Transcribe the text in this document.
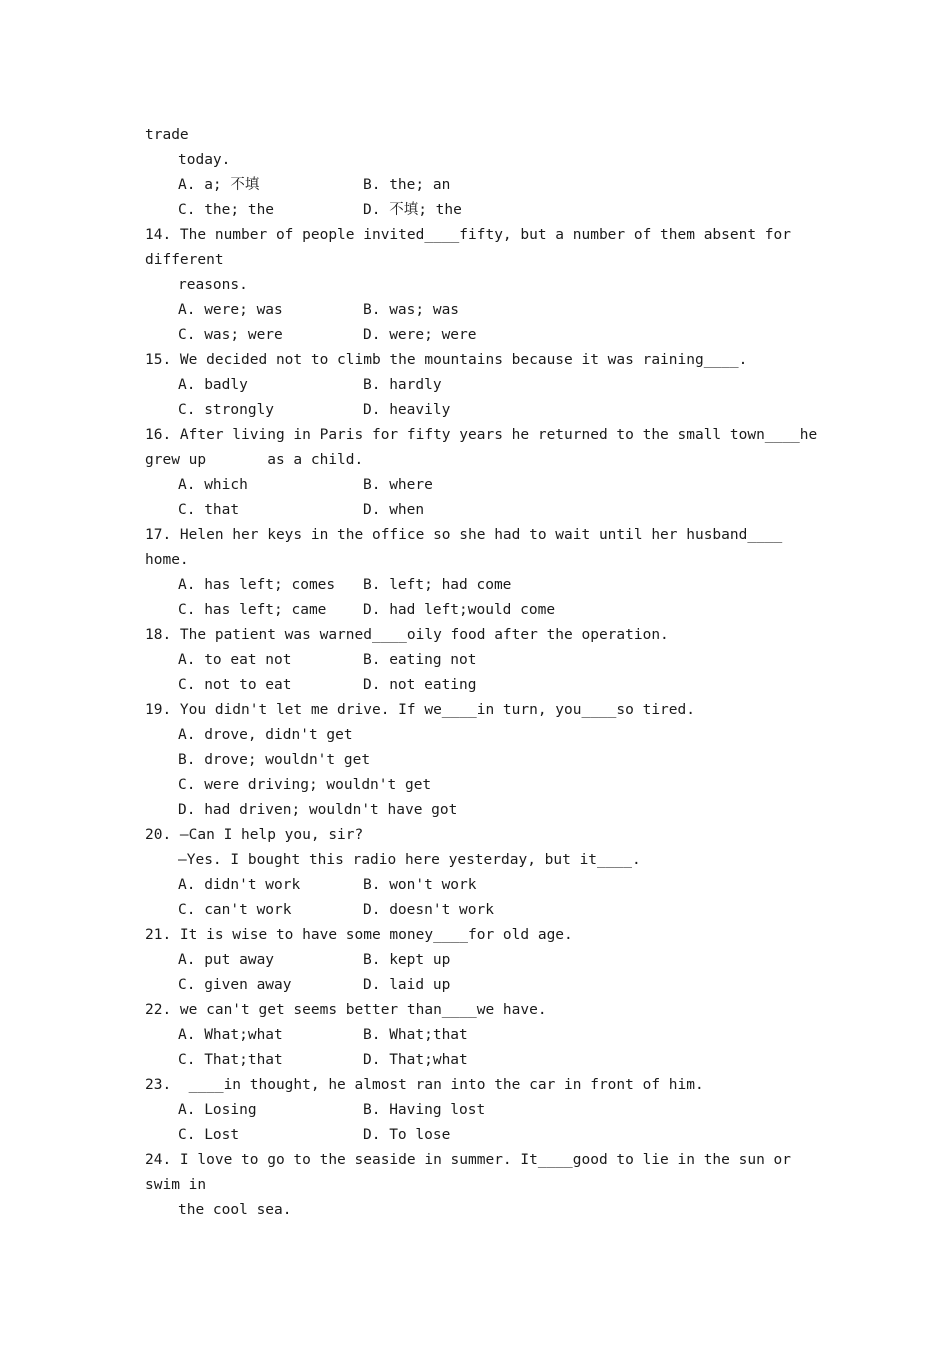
trade
today.
A. a; 不填	B. the; an
C. the; the	D. 不填; the
14. The number of people invited____fifty, but a number of them absent for
different
reasons.
A. were; was	B. was; was
C. was; were	D. were; were
15. We decided not to climb the mountains because it was raining____.
A. badly	B. hardly
C. strongly	D. heavily
16. After living in Paris for fifty years he returned to the small town____he
grew up       as a child.
A. which	B. where
C. that	D. when
17. Helen her keys in the office so she had to wait until her husband____
home.
A. has left; comes B. left; had come
C. has left; came	D. had left;would come
18. The patient was warned____oily food after the operation.
A. to eat not	B. eating not
C. not to eat	D. not eating
19. You didn't let me drive. If we____in turn, you____so tired.
A. drove, didn't get
B. drove; wouldn't get
C. were driving; wouldn't get
D. had driven; wouldn't have got
20. —Can I help you, sir?
—Yes. I bought this radio here yesterday, but it____.
A. didn't work	B. won't work
C. can't work	D. doesn't work
21. It is wise to have some money____for old age.
A. put away	B. kept up
C. given away	D. laid up
22. we can't get seems better than____we have.
A. What;what	B. What;that
C. That;that	D. That;what
23.  ____in thought, he almost ran into the car in front of him.
A. Losing	B. Having lost
C. Lost	D. To lose
24. I love to go to the seaside in summer. It____good to lie in the sun or
swim in
the cool sea.
